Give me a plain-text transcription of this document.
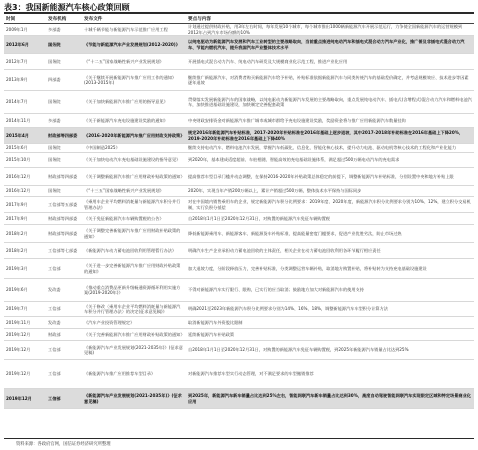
表3：我国新能源汽车核心政策回顾
时间	发布机构	发布文件	要点与内容
2009年1月	多部委	十城千辆节能与新能源汽车示范推广应用工程	计划通过提供财政补贴，用3年左右时间，每年发展10个城市，每个城市推出1000辆新能源汽车开展示范运行，力争使全国新能源汽车的运营规模到2012年占到汽车市场份额的10%
2012年6月	国务院	《节能与新能源汽车产业发展规划(2012-2020)》	以纯电驱动为新能源汽车发展和汽车工业转型的主要战略取向，当前重点推进纯电动汽车和插电式混合动力汽车产业化，推广普及非插电式混合动力汽车、节能内燃机汽车，提升我国汽车产业整体技术水平
2012年7月	国务院	《“十二五”国家战略性新兴产业发展规划》	开展插电式混合动力汽车、纯电动汽车研发及大规模商业化示范工程，推进产业化应用
2013年9月	四部委	《关于继续开展新能源汽车推广应用工作的通知》(2013-2015年)	继续推广新能源汽车，对消费者购买新能源汽车给予补贴，补贴标准依据新能源汽车与同类传统汽车的基础差价确定，并考虑规模效应、技术进步等因素逐年退坡
2014年7月	国务院	《关于加快新能源汽车推广应用的指导意见》	贯彻落实发展新能源汽车的国家战略，以纯电驱动为新能源汽车发展的主要战略取向，重点发展纯电动汽车、插电式(含增程式)混合动力汽车和燃料电池汽车，加快推进基础设施建设，加快制定完善配套政策
2014年11月	多部委	《关于新能源汽车充电设施建设奖励的通知》	中央财政安排资金对新能源汽车推广城市或城市群给予充电设施建设奖励，奖励资金将与推广应用新能源汽车数量挂钩
2015年4月	财政部等四部委	《2016-2020年新能源汽车推广应用财政支持政策》	规定2016年新能源汽车补贴标准，2017-2020年补贴标准在2016年基础上逐步退坡，其中2017-2018年补助标准在2016年基础上下降20%，2019-2020年补助标准在2016年基础上下降40%
2015年6月	国务院	《中国制造2025》	继续支持电动汽车、燃料电池汽车发展，掌握汽车低碳化、信息化、智能化核心技术，提升动力电池、驱动电机等核心技术的工程化和产业化能力
2015年10月	国务院	《关于加快电动汽车充电基础设施建设的指导意见》	到2020年，基本建成适度超前、车桩相随、智能高效的充电基础设施体系，满足超过500万辆电动汽车的充电需求
2016年12月	财政部等四部委	《关于调整新能源汽车推广应用财政补贴政策的通知》	提高推荐车型目录门槛并动态调整，在保持2016-2020年补贴政策总体稳定的前提下，调整新能源汽车补贴标准，分别设置中央和地方补贴上限
2016年12月	国务院	《“十三五”国家战略性新兴产业发展规划》	2020年，实现当年产销200万辆以上，累计产销超过500万辆，整体技术水平保持与国际同步
2017年9月	工信部等五部委	《乘用车企业平均燃料消耗量与新能源汽车积分并行管理办法》	对在中国境内销售乘用车的企业，规定新能源汽车积分比例要求：2019年度、2020年度，新能源汽车积分比例要求分别为10%、12%，建立积分交易机制，实行负积分抵偿
2017年9月	财政部等四部委	《关于免征新能源汽车车辆购置税的公告》	自2018年1月1日至2020年12月31日，对购置的新能源汽车免征车辆购置税
2018年2月	财政部等四部委	《关于调整完善新能源汽车推广应用财政补贴政策的通知》	降低新能源乘用车、新能源客车、新能源货车补贴标准，提高能量密度门槛要求，促进产业优胜劣汰，防止市场过热
2018年2月	工信部等七部委	《新能源汽车动力蓄电池回收利用管理暂行办法》	明确汽车生产企业承担动力蓄电池回收的主体责任，相关企业在动力蓄电池回收利用各环节履行相应责任
2019年3月	工信部	《关于进一步完善新能源汽车推广应用财政补贴政策的通知》	加大退坡力度，分阶段释放压力，完善补贴标准，分类调整运营车辆补贴，取消地方购置补贴，将补贴转为支持充电基础设施建设
2019年6月	发改委	《推动重点消费品更新升级畅通资源循环利用实施方案(2019-2020年)》	不得对新能源汽车实行限行、限购，已实行的应当取消；鼓励地方加大对新能源汽车的使用支持
2019年7月	工信部	《关于修改〈乘用车企业平均燃料消耗量与新能源汽车积分并行管理办法〉的决定(征求意见稿)》	明确2021至2023年新能源汽车积分比例要求分别为14%、16%、18%，调整新能源汽车车型积分计算方法
2019年11月	发改委	《汽车产业投资管理规定》	取消新能源汽车外资股比限制
2019年12月	财政部	《关于完善新能源汽车推广应用财政补贴政策的通知》	延续新能源汽车补贴政策
2019年12月	工信部	《新能源汽车产业发展规划(2021-2035年)》(征求意见稿)	自2018年1月1日至2020年12月31日，对购置的新能源汽车免征车辆购置税，到2025年新能源汽车销量占比达到25%
2019年12月	工信部	《新能源汽车推广应用推荐车型目录》	对新能源汽车推荐车型实行动态管理，对不满足要求的车型撤销推荐
2019年12月	工信部	《新能源汽车产业发展规划(2021-2035年)》(征求意见稿)	到2025年，新能源汽车新车销量占比达到25%左右，智能网联汽车新车销量占比达到30%，高度自动驾驶智能网联汽车实现限定区域和特定场景商业化应用
资料来源：各政府官网，国信证券经济研究所整理
